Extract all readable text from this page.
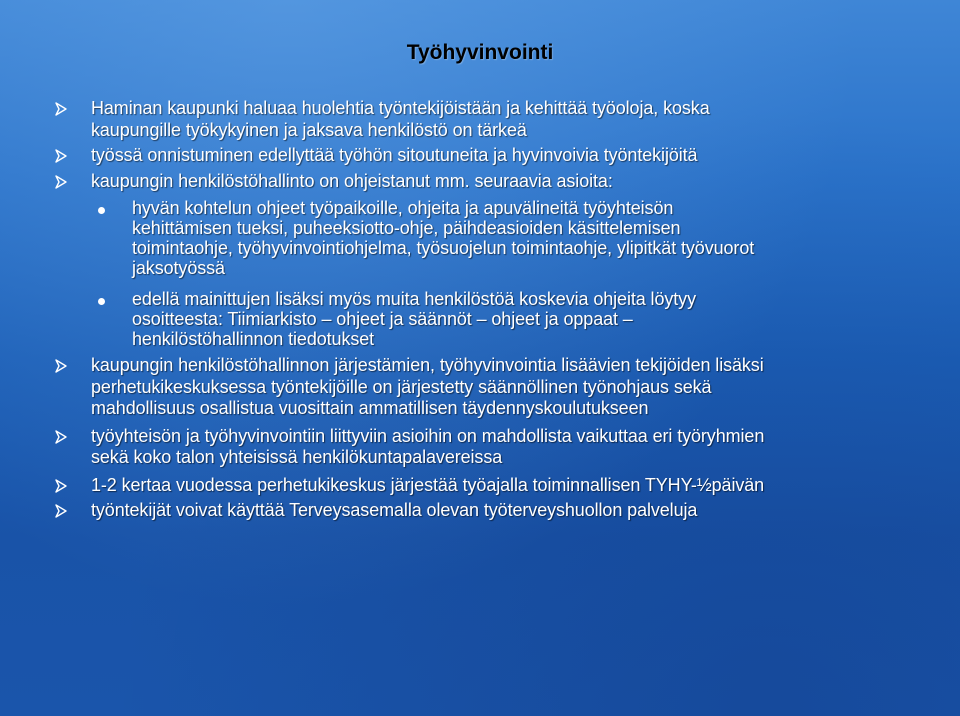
Työhyvinvointi
Haminan kaupunki haluaa huolehtia työntekijöistään ja kehittää työoloja, koska
kaupungille työkykyinen ja jaksava henkilöstö on tärkeä
työssä onnistuminen edellyttää työhön sitoutuneita ja hyvinvoivia työntekijöitä
kaupungin henkilöstöhallinto on ohjeistanut mm. seuraavia asioita:
hyvän kohtelun ohjeet työpaikoille, ohjeita ja apuvälineitä työyhteisön
kehittämisen tueksi, puheeksiotto-ohje, päihdeasioiden käsittelemisen
toimintaohje, työhyvinvointiohjelma, työsuojelun toimintaohje, ylipitkät työvuorot
jaksotyössä
edellä mainittujen lisäksi myös muita henkilöstöä koskevia ohjeita löytyy
osoitteesta: Tiimiarkisto – ohjeet ja säännöt – ohjeet ja oppaat –
henkilöstöhallinnon tiedotukset
kaupungin henkilöstöhallinnon järjestämien, työhyvinvointia lisäävien tekijöiden lisäksi
perhetukikeskuksessa työntekijöille on järjestetty säännöllinen työnohjaus sekä
mahdollisuus osallistua vuosittain ammatillisen täydennyskoulutukseen
työyhteisön ja työhyvinvointiin liittyviin asioihin on mahdollista vaikuttaa eri työryhmien
sekä koko talon yhteisissä henkilökuntapalavereissa
1-2 kertaa vuodessa perhetukikeskus järjestää työajalla toiminnallisen TYHY-½päivän
työntekijät voivat käyttää Terveysasemalla olevan työterveyshuollon palveluja
